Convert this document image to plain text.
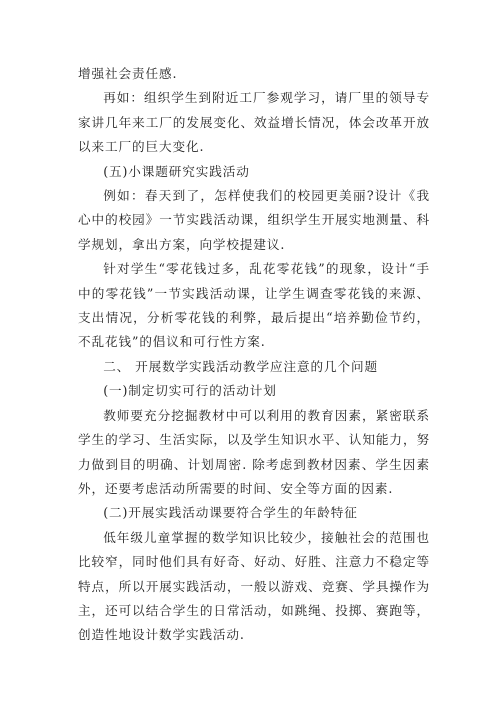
增强社会责任感.

再如：组织学生到附近工厂参观学习，请厂里的领导专家讲几年来工厂的发展变化、效益增长情况，体会改革开放以来工厂的巨大变化.

(五)小课题研究实践活动

例如：春天到了，怎样使我们的校园更美丽?设计《我心中的校园》一节实践活动课，组织学生开展实地测量、科学规划，拿出方案，向学校提建议.

针对学生“零花钱过多，乱花零花钱”的现象，设计“手中的零花钱”一节实践活动课，让学生调查零花钱的来源、支出情况，分析零花钱的利弊，最后提出“培养勤俭节约，不乱花钱”的倡议和可行性方案.

二、 开展数学实践活动教学应注意的几个问题

(一)制定切实可行的活动计划

教师要充分挖掘教材中可以利用的教育因素，紧密联系学生的学习、生活实际，以及学生知识水平、认知能力，努力做到目的明确、计划周密. 除考虑到教材因素、学生因素外，还要考虑活动所需要的时间、安全等方面的因素.

(二)开展实践活动课要符合学生的年龄特征

低年级儿童掌握的数学知识比较少，接触社会的范围也比较窄，同时他们具有好奇、好动、好胜、注意力不稳定等特点，所以开展实践活动，一般以游戏、竞赛、学具操作为主，还可以结合学生的日常活动，如跳绳、投掷、赛跑等，创造性地设计数学实践活动.
